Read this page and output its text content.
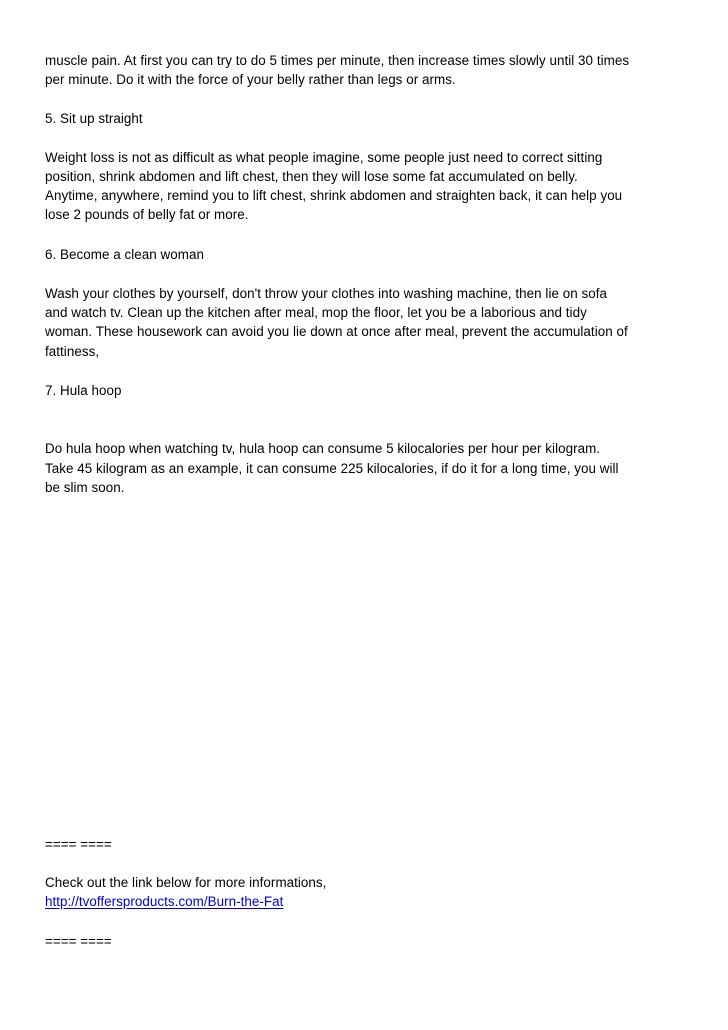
muscle pain. At first you can try to do 5 times per minute, then increase times slowly until 30 times

per minute. Do it with the force of your belly rather than legs or arms.

5. Sit up straight

Weight loss is not as difficult as what people imagine, some people just need to correct sitting

position, shrink abdomen and lift chest, then they will lose some fat accumulated on belly.

Anytime, anywhere, remind you to lift chest, shrink abdomen and straighten back, it can help you

lose 2 pounds of belly fat or more.

6. Become a clean woman

Wash your clothes by yourself, don't throw your clothes into washing machine, then lie on sofa

and watch tv. Clean up the kitchen after meal, mop the floor, let you be a laborious and tidy

woman. These housework can avoid you lie down at once after meal, prevent the accumulation of

fattiness,

7. Hula hoop

Do hula hoop when watching tv, hula hoop can consume 5 kilocalories per hour per kilogram.

Take 45 kilogram as an example, it can consume 225 kilocalories, if do it for a long time, you will

be slim soon.

==== ====

Check out the link below for more informations,

http://tvoffersproducts.com/Burn-the-Fat

==== ====
